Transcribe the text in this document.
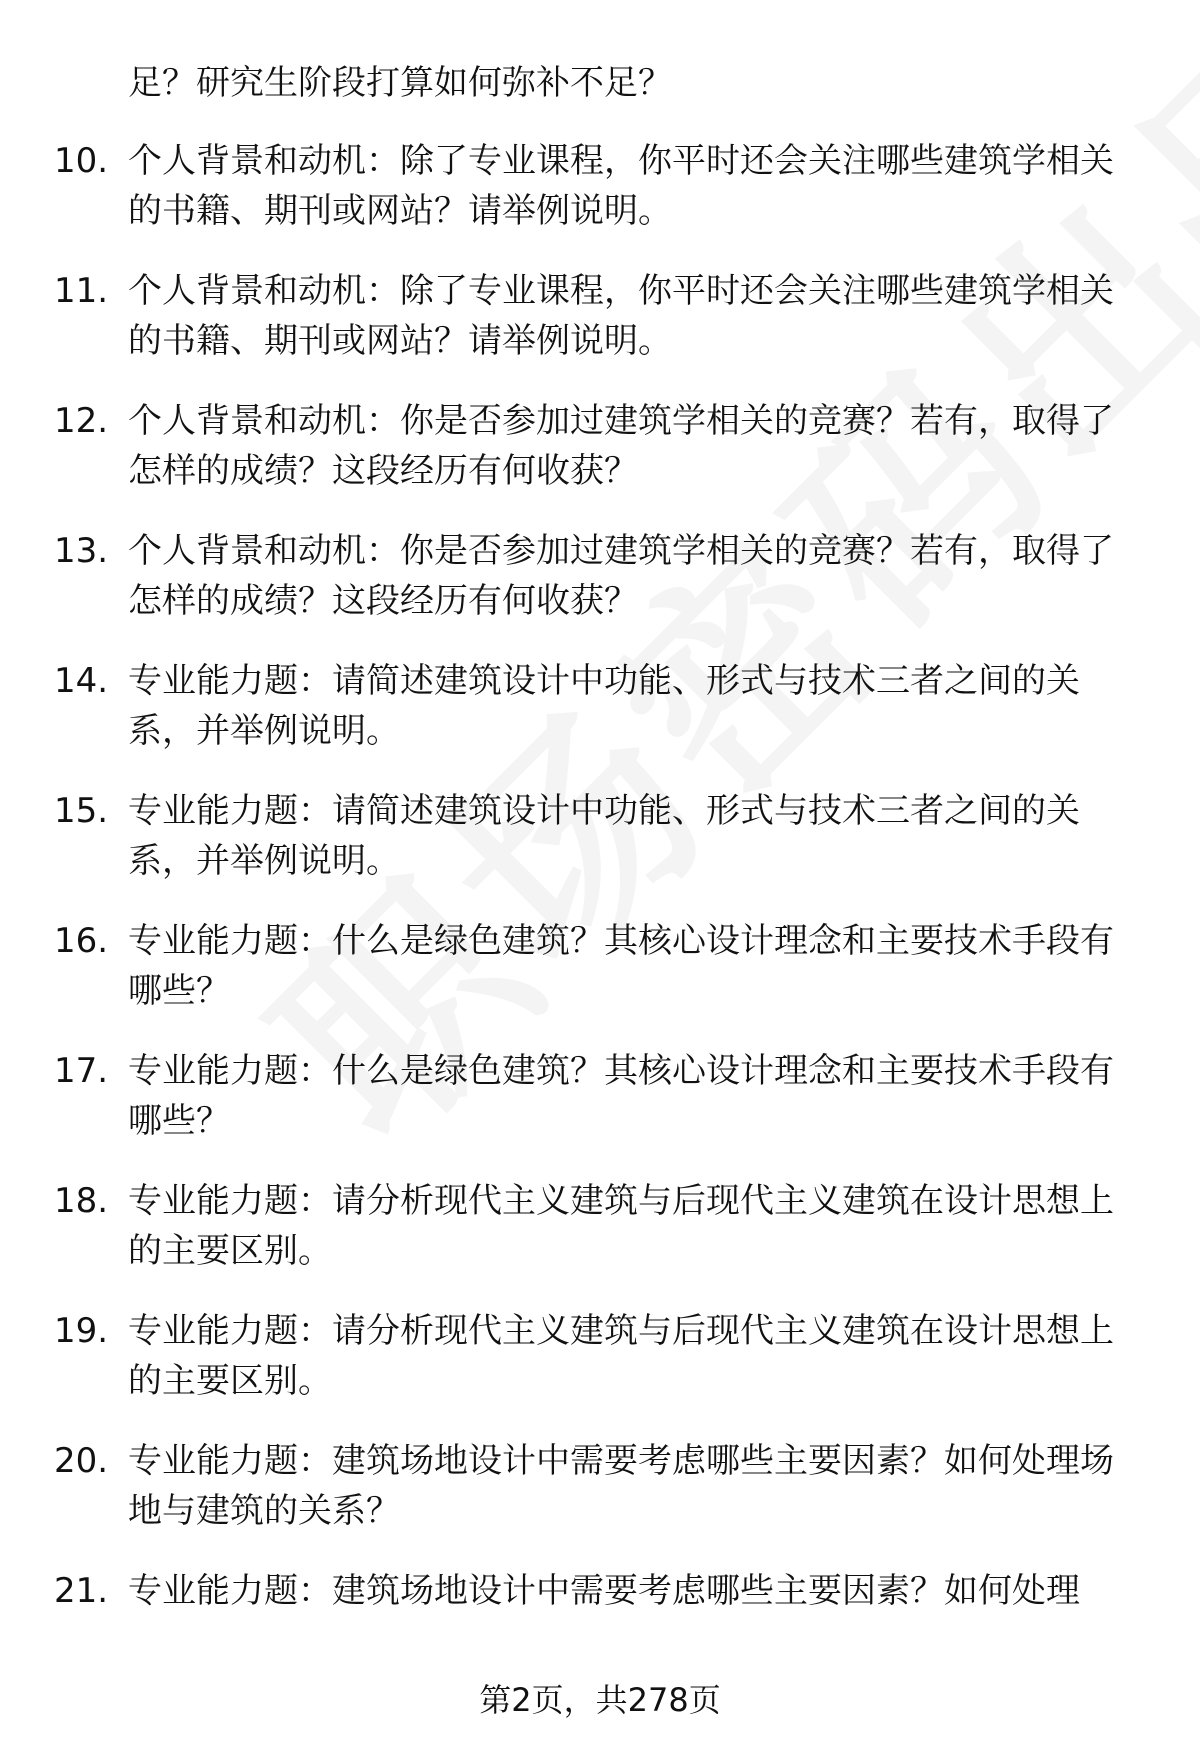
足？研究生阶段打算如何弥补不足？
10. 个人背景和动机：除了专业课程，你平时还会关注哪些建筑学相关的书籍、期刊或网站？请举例说明。
11. 个人背景和动机：除了专业课程，你平时还会关注哪些建筑学相关的书籍、期刊或网站？请举例说明。
12. 个人背景和动机：你是否参加过建筑学相关的竞赛？若有，取得了怎样的成绩？这段经历有何收获？
13. 个人背景和动机：你是否参加过建筑学相关的竞赛？若有，取得了怎样的成绩？这段经历有何收获？
14. 专业能力题：请简述建筑设计中功能、形式与技术三者之间的关系，并举例说明。
15. 专业能力题：请简述建筑设计中功能、形式与技术三者之间的关系，并举例说明。
16. 专业能力题：什么是绿色建筑？其核心设计理念和主要技术手段有哪些？
17. 专业能力题：什么是绿色建筑？其核心设计理念和主要技术手段有哪些？
18. 专业能力题：请分析现代主义建筑与后现代主义建筑在设计思想上的主要区别。
19. 专业能力题：请分析现代主义建筑与后现代主义建筑在设计思想上的主要区别。
20. 专业能力题：建筑场地设计中需要考虑哪些主要因素？如何处理场地与建筑的关系？
21. 专业能力题：建筑场地设计中需要考虑哪些主要因素？如何处理
第2页，共278页
